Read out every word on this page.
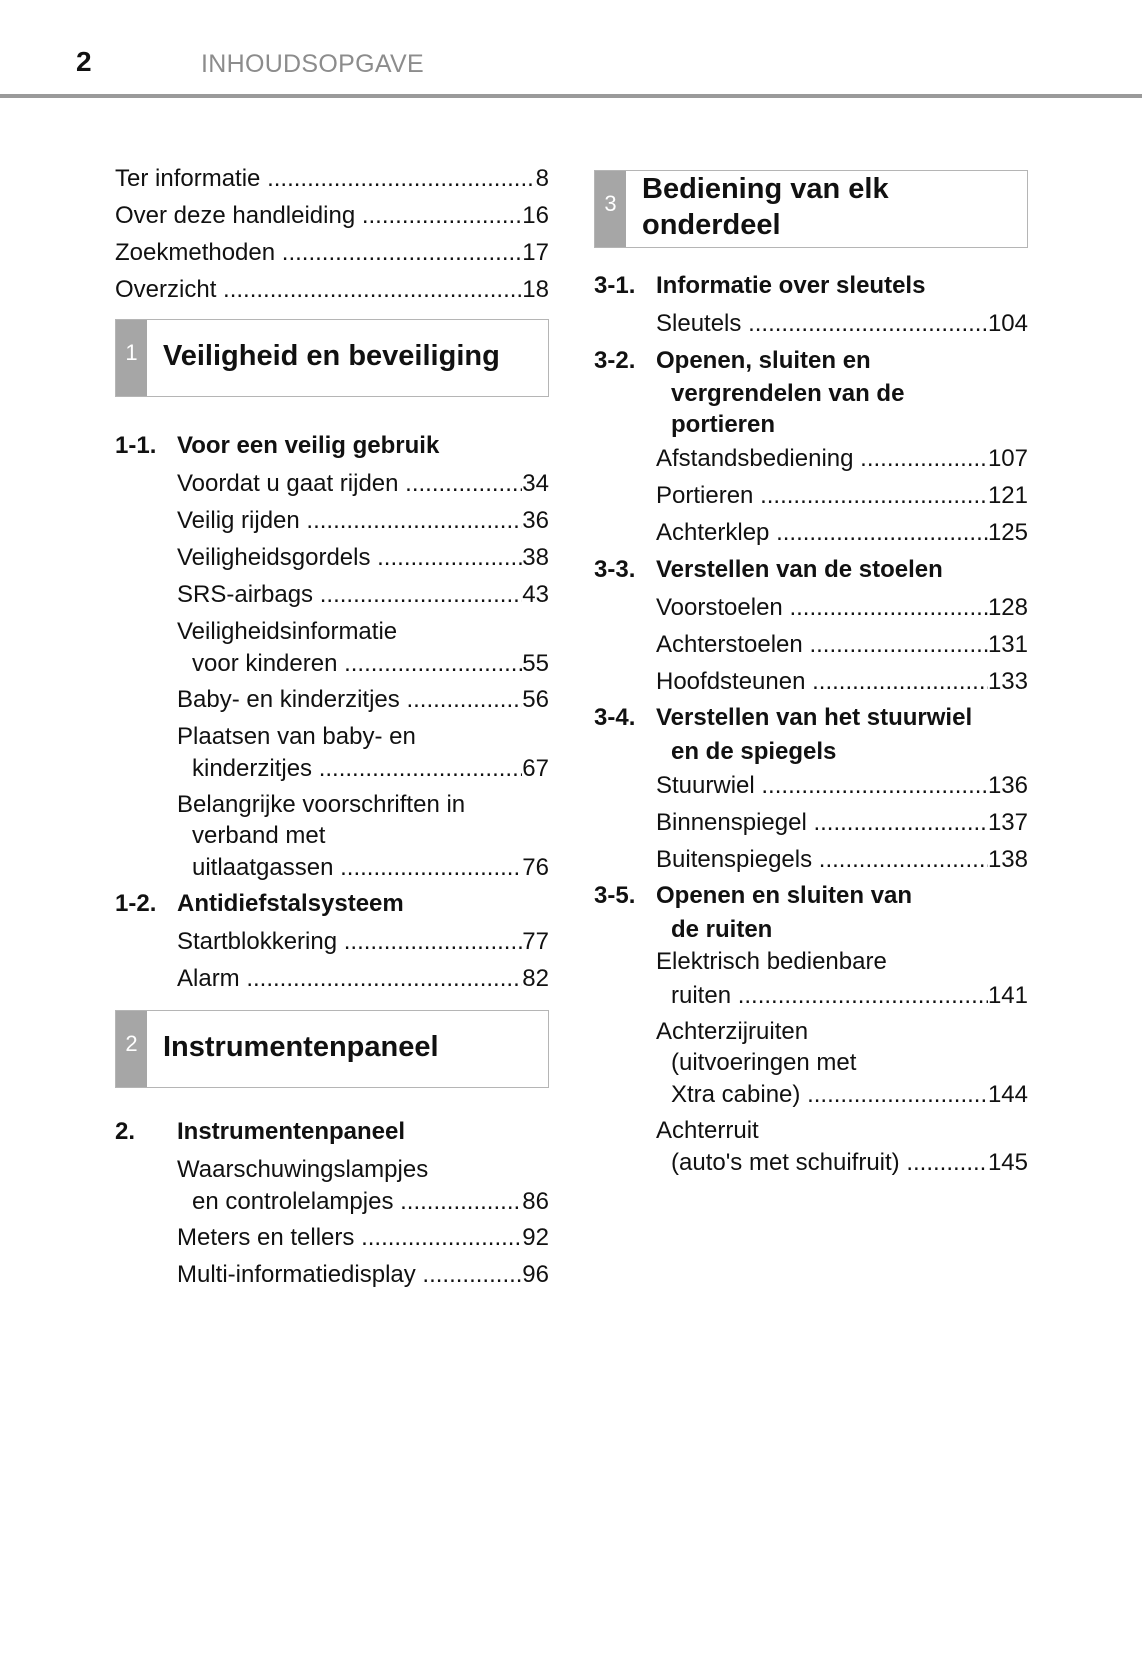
2	INHOUDSOPGAVE
Ter informatie .....	8
Over deze handleiding .....	16
Zoekmethoden .....	17
Overzicht .....	18
1 Veiligheid en beveiliging
1-1. Voor een veilig gebruik
Voordat u gaat rijden .....	34
Veilig rijden .....	36
Veiligheidsgordels .....	38
SRS-airbags .....	43
Veiligheidsinformatie
voor kinderen .....	55
Baby- en kinderzitjes .....	56
Plaatsen van baby- en
kinderzitjes .....	67
Belangrijke voorschriften in
verband met
uitlaatgassen .....	76
1-2. Antidiefstalsysteem
Startblokkering .....	77
Alarm .....	82
2 Instrumentenpaneel
2. Instrumentenpaneel
Waarschuwingslampjes
en controlelampjes .....	86
Meters en tellers .....	92
Multi-informatiedisplay .....	96
3 Bediening van elk
onderdeel
3-1. Informatie over sleutels
Sleutels .....	104
3-2. Openen, sluiten en
vergrendelen van de
portieren
Afstandsbediening .....	107
Portieren .....	121
Achterklep .....	125
3-3. Verstellen van de stoelen
Voorstoelen .....	128
Achterstoelen .....	131
Hoofdsteunen .....	133
3-4. Verstellen van het stuurwiel
en de spiegels
Stuurwiel .....	136
Binnenspiegel .....	137
Buitenspiegels .....	138
3-5. Openen en sluiten van
de ruiten
Elektrisch bedienbare
ruiten .....	141
Achterzijruiten
(uitvoeringen met
Xtra cabine) .....	144
Achterruit
(auto's met schuifruit) .....	145
